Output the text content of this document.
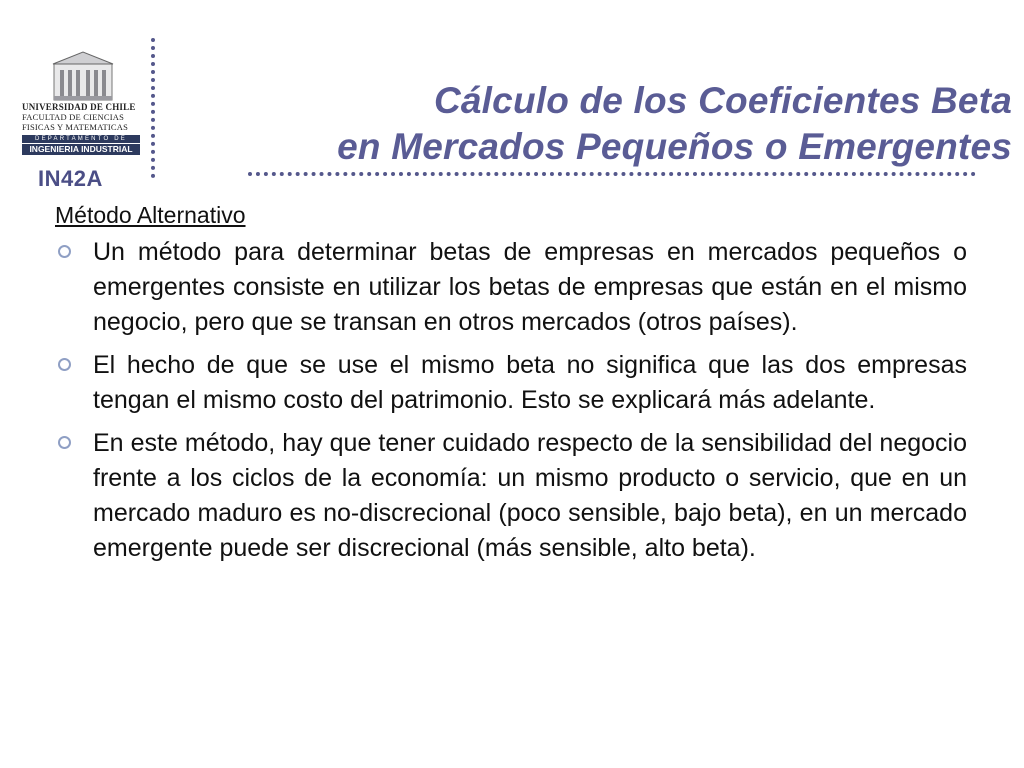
UNIVERSIDAD DE CHILE
FACULTAD DE CIENCIAS
FISICAS Y MATEMATICAS
DEPARTAMENTO DE
INGENIERIA INDUSTRIAL
IN42A
Cálculo de los Coeficientes Beta
en Mercados Pequeños o Emergentes
Método Alternativo
Un método para determinar betas de empresas en mercados pequeños o emergentes consiste en utilizar los betas de empresas que están en el mismo negocio, pero que se transan en otros mercados (otros países).
El hecho de que se use el mismo beta no significa que las dos empresas tengan el mismo costo del patrimonio. Esto se explicará más adelante.
En este método, hay que tener cuidado respecto de la sensibilidad del negocio frente a los ciclos de la economía: un mismo producto o servicio, que en un mercado maduro es no-discrecional (poco sensible, bajo beta), en un mercado emergente puede ser discrecional (más sensible, alto beta).
